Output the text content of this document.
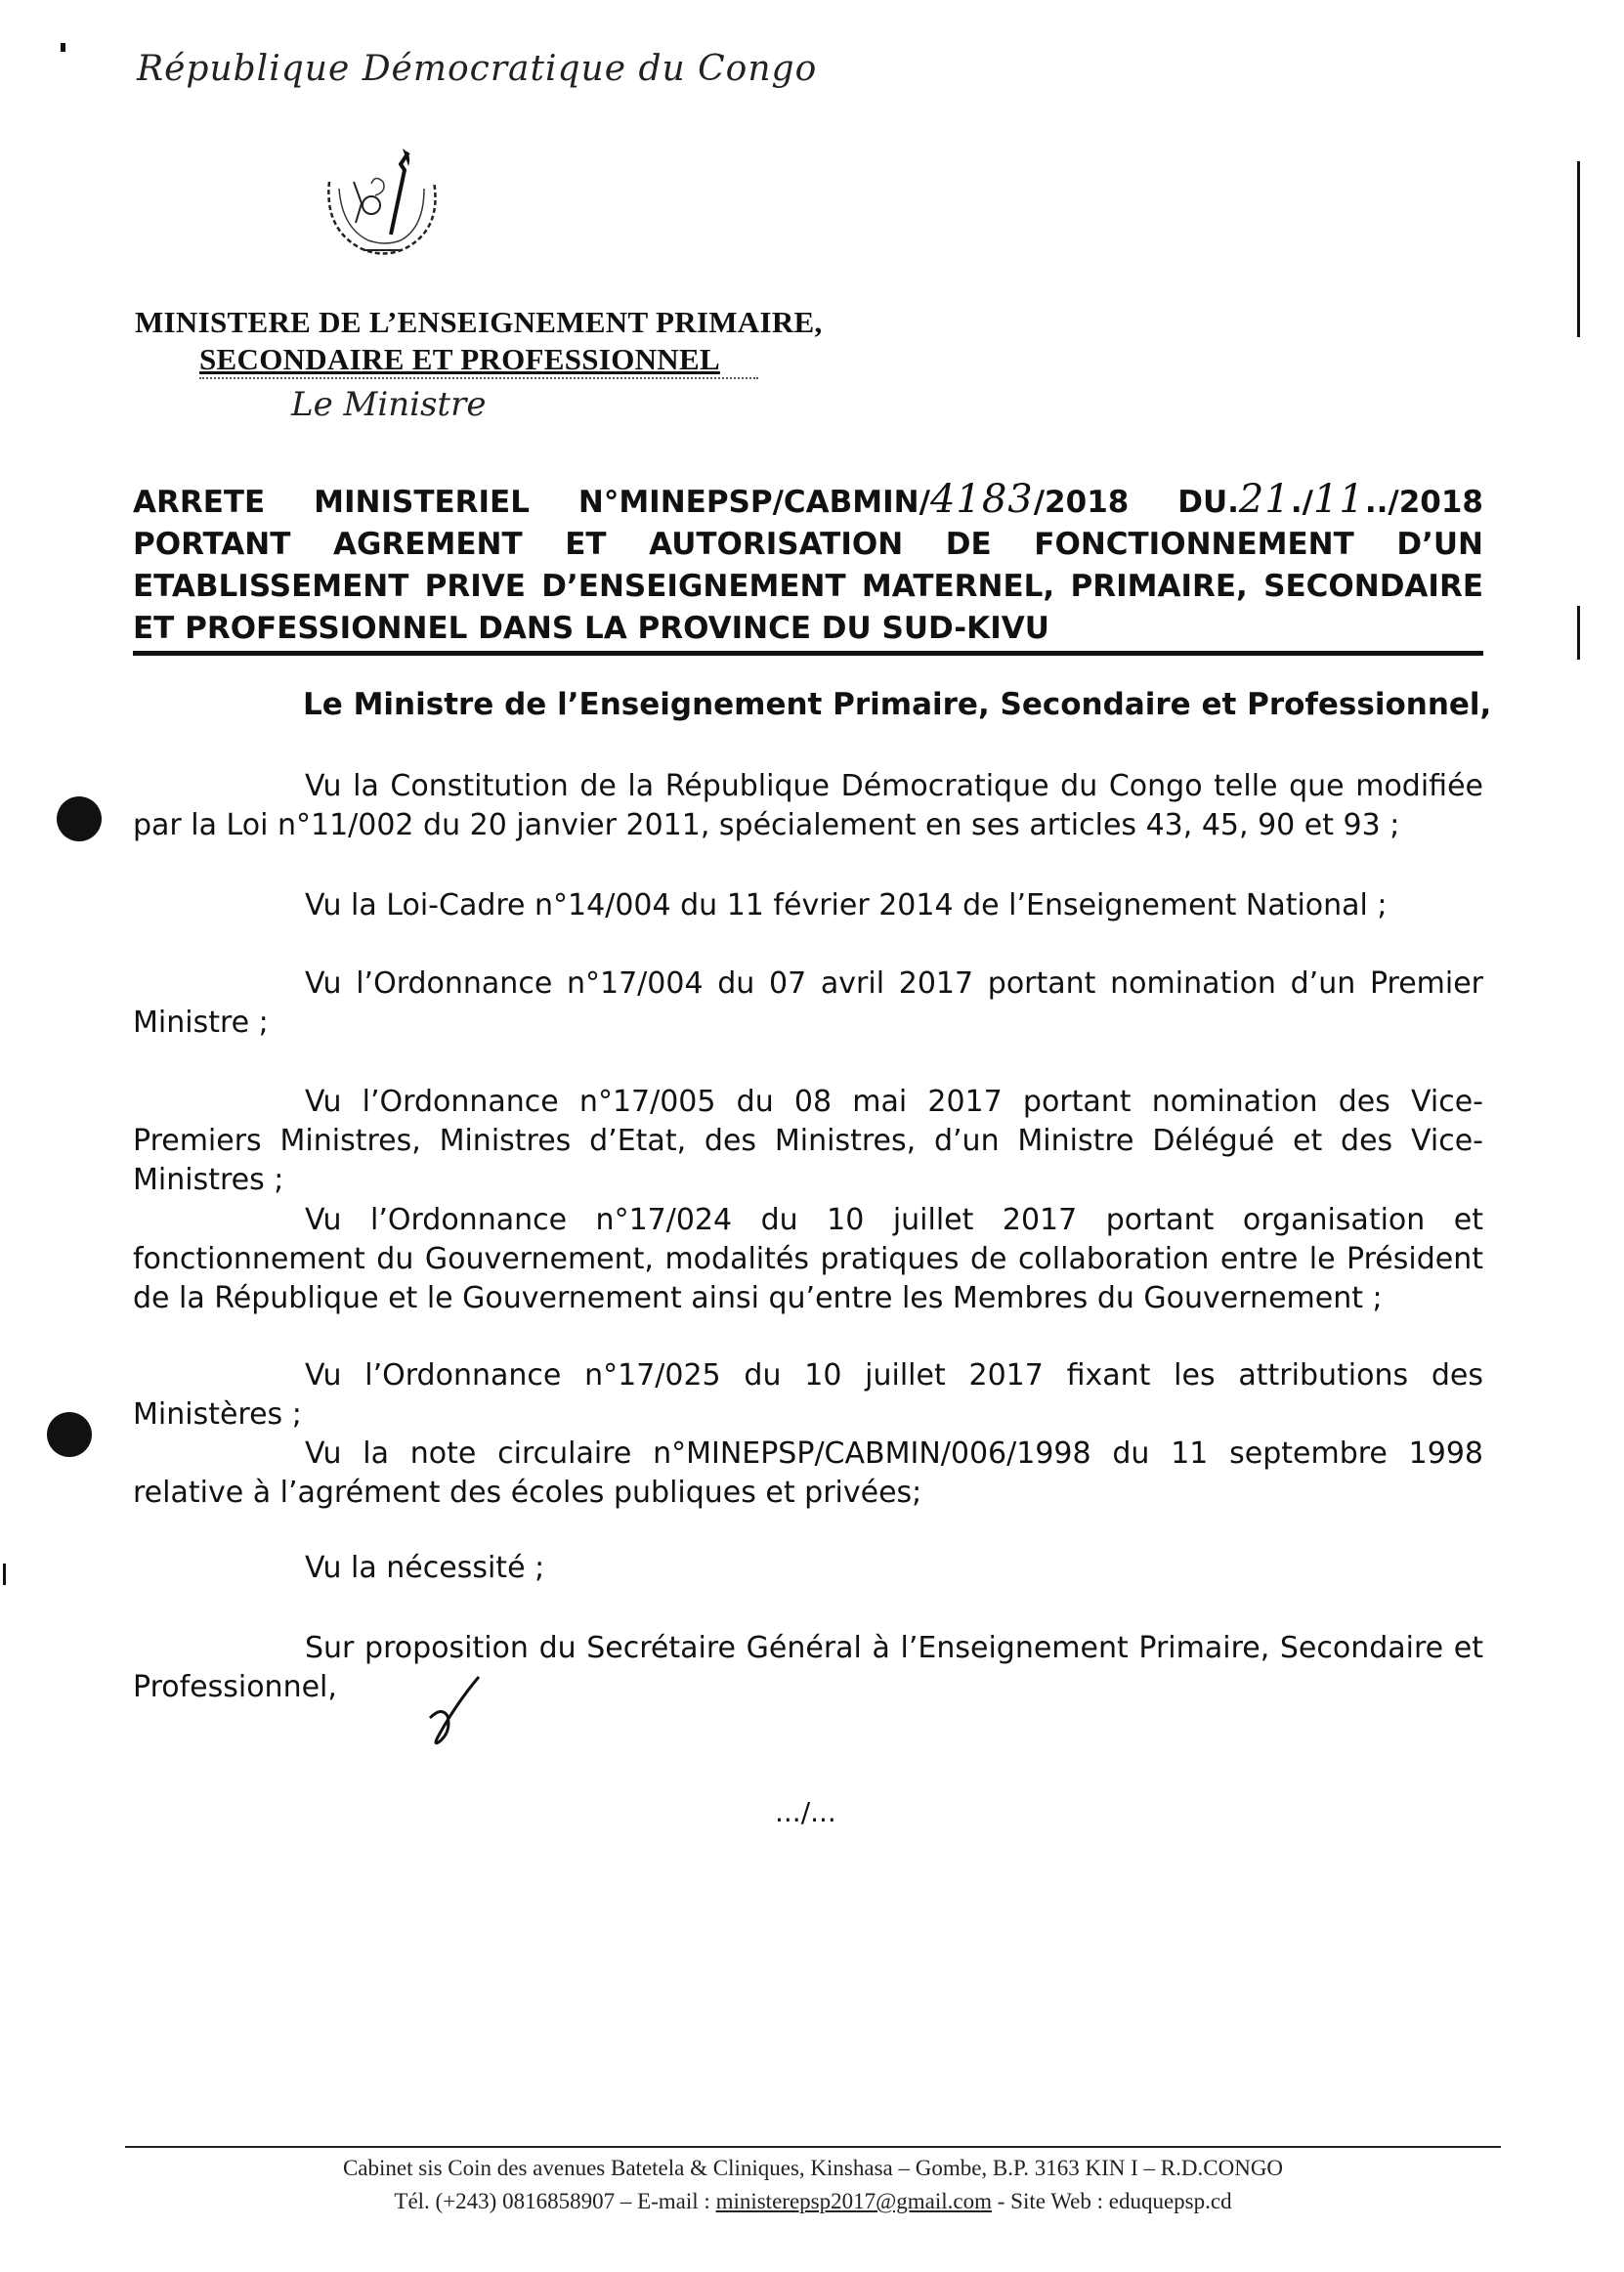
République Démocratique du Congo
MINISTERE DE L’ENSEIGNEMENT PRIMAIRE,
SECONDAIRE ET PROFESSIONNEL
Le Ministre
ARRETE MINISTERIEL N°MINEPSP/CABMIN/4183/2018 DU.21./11../2018
PORTANT AGREMENT ET AUTORISATION DE FONCTIONNEMENT D’UN
ETABLISSEMENT PRIVE D’ENSEIGNEMENT MATERNEL, PRIMAIRE, SECONDAIRE
ET PROFESSIONNEL DANS LA PROVINCE DU SUD-KIVU
Le Ministre de l’Enseignement Primaire, Secondaire et Professionnel,
Vu la Constitution de la République Démocratique du Congo telle que modifiée par la Loi n°11/002 du 20 janvier 2011, spécialement en ses articles 43, 45, 90 et 93 ;
Vu la Loi-Cadre n°14/004 du 11 février 2014 de l’Enseignement National ;
Vu l’Ordonnance n°17/004 du 07 avril 2017 portant nomination d’un Premier Ministre ;
Vu l’Ordonnance n°17/005 du 08 mai 2017 portant nomination des Vice-Premiers Ministres, Ministres d’Etat, des Ministres, d’un Ministre Délégué et des Vice-Ministres ;
Vu l’Ordonnance n°17/024 du 10 juillet 2017 portant organisation et fonctionnement du Gouvernement, modalités pratiques de collaboration entre le Président de la République et le Gouvernement ainsi qu’entre les Membres du Gouvernement ;
Vu l’Ordonnance n°17/025 du 10 juillet 2017 fixant les attributions des Ministères ;
Vu la note circulaire n°MINEPSP/CABMIN/006/1998 du 11 septembre 1998 relative à l’agrément des écoles publiques et privées;
Vu la nécessité ;
Sur proposition du Secrétaire Général à l’Enseignement Primaire, Secondaire et Professionnel,
.../...
Cabinet sis Coin des avenues Batetela & Cliniques, Kinshasa – Gombe, B.P. 3163 KIN I – R.D.CONGO
Tél. (+243) 0816858907 – E-mail : ministerepsp2017@gmail.com - Site Web : eduquepsp.cd
